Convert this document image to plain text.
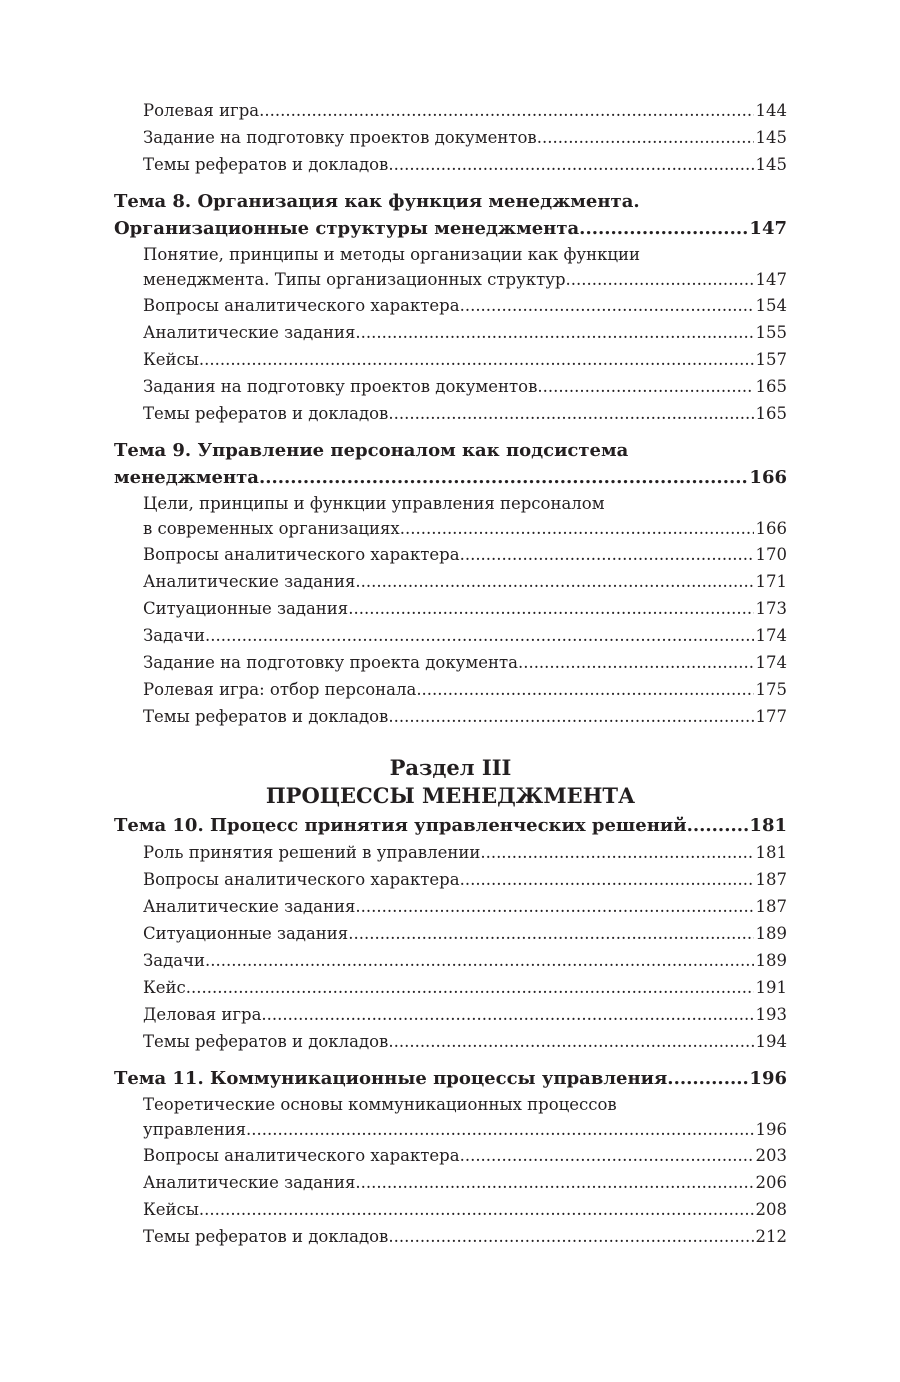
Ролевая игра .....	144
Задание на подготовку проектов документов .....	145
Темы рефератов и докладов .....	145
Тема 8. Организация как функция менеджмента.
Организационные структуры менеджмента .....	147
Понятие, принципы и методы организации как функции
менеджмента. Типы организационных структур .....	147
Вопросы аналитического характера .....	154
Аналитические задания .....	155
Кейсы .....	157
Задания на подготовку проектов документов .....	165
Темы рефератов и докладов .....	165
Тема 9. Управление персоналом как подсистема
менеджмента .....	166
Цели, принципы и функции управления персоналом
в современных организациях .....	166
Вопросы аналитического характера .....	170
Аналитические задания .....	171
Ситуационные задания .....	173
Задачи .....	174
Задание на подготовку проекта документа .....	174
Ролевая игра: отбор персонала .....	175
Темы рефератов и докладов .....	177
Раздел III
ПРОЦЕССЫ МЕНЕДЖМЕНТА
Тема 10. Процесс принятия управленческих решений .....	181
Роль принятия решений в управлении .....	181
Вопросы аналитического характера .....	187
Аналитические задания .....	187
Ситуационные задания .....	189
Задачи .....	189
Кейс .....	191
Деловая игра .....	193
Темы рефератов и докладов .....	194
Тема 11. Коммуникационные процессы управления .....	196
Теоретические основы коммуникационных процессов
управления .....	196
Вопросы аналитического характера .....	203
Аналитические задания .....	206
Кейсы .....	208
Темы рефератов и докладов .....	212
